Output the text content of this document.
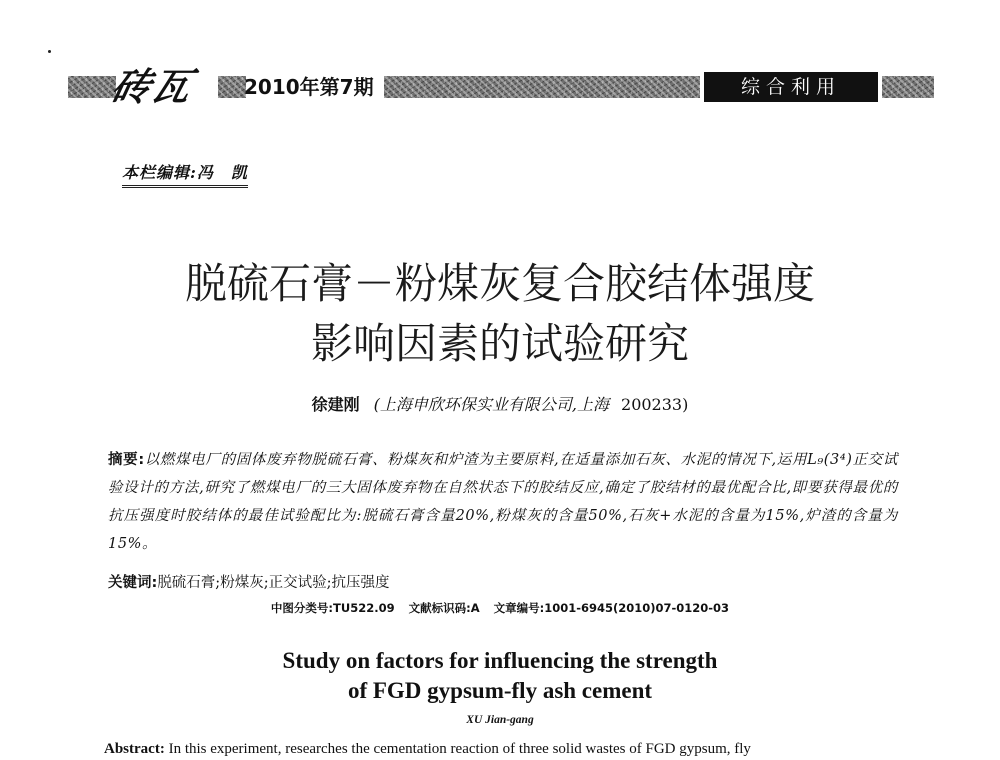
砖瓦	2010年第7期	综合利用
本栏编辑:冯　凯
脱硫石膏－粉煤灰复合胶结体强度
影响因素的试验研究
徐建刚 (上海申欣环保实业有限公司,上海 200233)
摘要:以燃煤电厂的固体废弃物脱硫石膏、粉煤灰和炉渣为主要原料,在适量添加石灰、水泥的情况下,运用L₉(3⁴)正交试验设计的方法,研究了燃煤电厂的三大固体废弃物在自然状态下的胶结反应,确定了胶结材的最优配合比,即要获得最优的抗压强度时胶结体的最佳试验配比为:脱硫石膏含量20%,粉煤灰的含量50%,石灰+水泥的含量为15%,炉渣的含量为15%。
关键词:脱硫石膏;粉煤灰;正交试验;抗压强度
中图分类号:TU522.09 文献标识码:A 文章编号:1001-6945(2010)07-0120-03
Study on factors for influencing the strength
of FGD gypsum-fly ash cement
XU Jian-gang
Abstract: In this experiment, researches the cementation reaction of three solid wastes of FGD gypsum, fly
